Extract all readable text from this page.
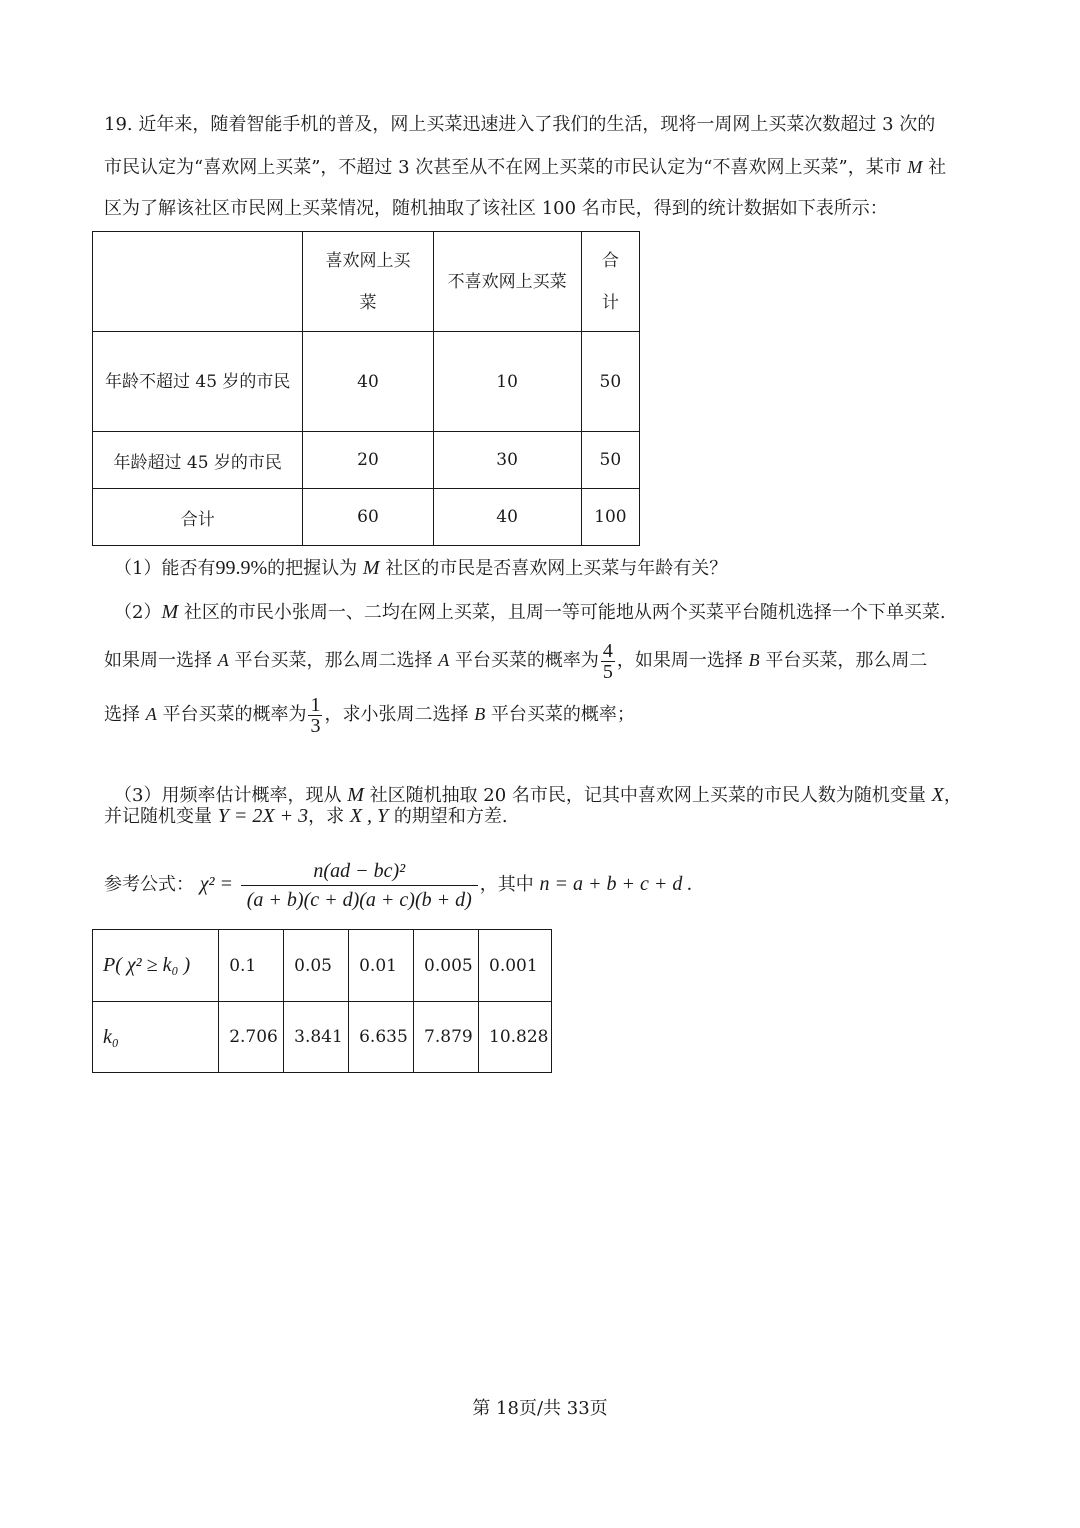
19. 近年来，随着智能手机的普及，网上买菜迅速进入了我们的生活，现将一周网上买菜次数超过 3 次的
市民认定为“喜欢网上买菜”，不超过 3 次甚至从不在网上买菜的市民认定为“不喜欢网上买菜”，某市 M 社
区为了解该社区市民网上买菜情况，随机抽取了该社区 100 名市民，得到的统计数据如下表所示：

	喜欢网上买菜	不喜欢网上买菜	合计

年龄不超过 45 岁的市民	40	10	50
年龄超过 45 岁的市民	20	30	50
合计	60	40	100
（1）能否有99.9%的把握认为 M 社区的市民是否喜欢网上买菜与年龄有关？
（2）M 社区的市民小张周一、二均在网上买菜，且周一等可能地从两个买菜平台随机选择一个下单买菜.
如果周一选择 A 平台买菜，那么周二选择 A 平台买菜的概率为 $\frac{4}{5}$ ，如果周一选择 B 平台买菜，那么周二
选择 A 平台买菜的概率为 $\frac{1}{3}$ ，求小张周二选择 B 平台买菜的概率；
（3）用频率估计概率，现从 M 社区随机抽取 20 名市民，记其中喜欢网上买菜的市民人数为随机变量 X，
并记随机变量 Y = 2X + 3，求 X , Y 的期望和方差.
参考公式： $\chi^2 = \frac{\text{n(ad − bc)²}}{(a + b)(c + d)(a + c)(b + d)}$ ，其中 n = a + b + c + d .
P( χ² ≥ k₀ )	0.1	0.05	0.01	0.005	0.001
k₀	2.706	3.841	6.635	7.879	10.828
第 18页/共 33页
